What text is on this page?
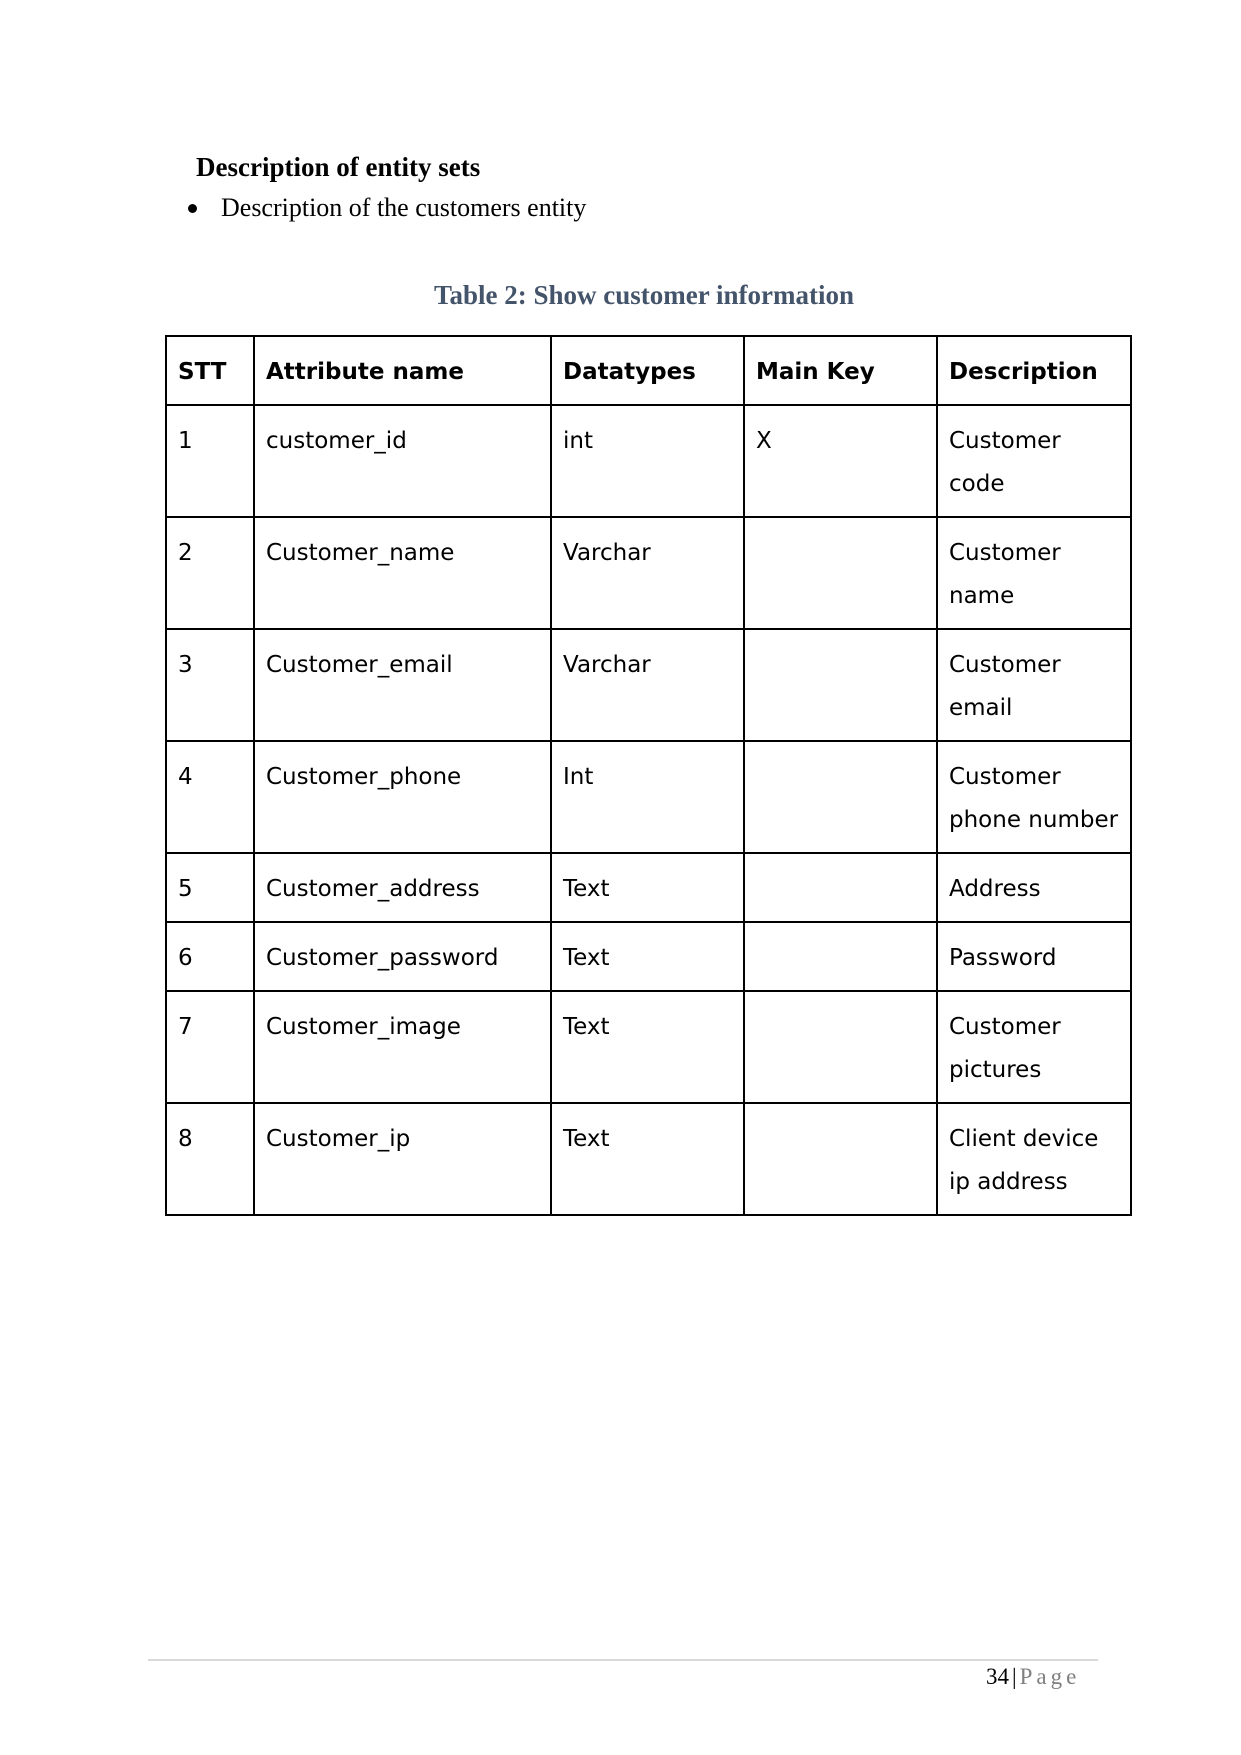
Description of entity sets

Description of the customers entity

Table 2: Show customer information

STT	Attribute name	Datatypes	Main Key	Description
1	customer_id	int	X	Customer code
2	Customer_name	Varchar		Customer name
3	Customer_email	Varchar		Customer email
4	Customer_phone	Int		Customer phone number
5	Customer_address	Text		Address
6	Customer_password	Text		Password
7	Customer_image	Text		Customer pictures
8	Customer_ip	Text		Client device ip address
34 | Page
